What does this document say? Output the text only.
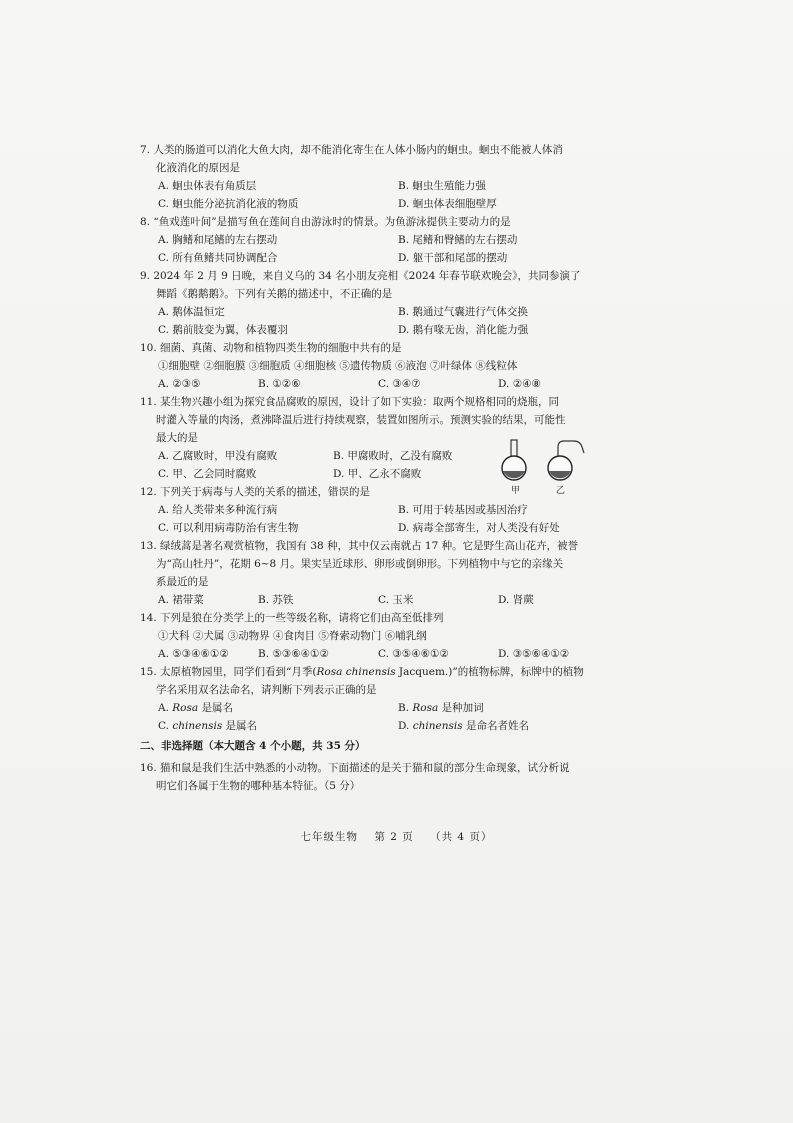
7. 人类的肠道可以消化大鱼大肉，却不能消化寄生在人体小肠内的蛔虫。蛔虫不能被人体消
化液消化的原因是
A. 蛔虫体表有角质层	B. 蛔虫生殖能力强
C. 蛔虫能分泌抗消化液的物质	D. 蛔虫体表细胞壁厚
8. “鱼戏莲叶间”是描写鱼在莲间自由游泳时的情景。为鱼游泳提供主要动力的是
A. 胸鳍和尾鳍的左右摆动	B. 尾鳍和臀鳍的左右摆动
C. 所有鱼鳍共同协调配合	D. 躯干部和尾部的摆动
9. 2024 年 2 月 9 日晚，来自义乌的 34 名小朋友亮相《2024 年春节联欢晚会》，共同参演了
舞蹈《鹅鹅鹅》。下列有关鹅的描述中，不正确的是
A. 鹅体温恒定	B. 鹅通过气囊进行气体交换
C. 鹅前肢变为翼，体表覆羽	D. 鹅有喙无齿，消化能力强
10. 细菌、真菌、动物和植物四类生物的细胞中共有的是
①细胞壁 ②细胞膜 ③细胞质 ④细胞核 ⑤遗传物质 ⑥液泡 ⑦叶绿体 ⑧线粒体
A. ②③⑤	B. ①②⑥	C. ③④⑦	D. ②④⑧
11. 某生物兴趣小组为探究食品腐败的原因，设计了如下实验：取两个规格相同的烧瓶，同
时灌入等量的肉汤，煮沸降温后进行持续观察，装置如图所示。预测实验的结果，可能性
最大的是
A. 乙腐败时，甲没有腐败	B. 甲腐败时，乙没有腐败
C. 甲、乙会同时腐败	D. 甲、乙永不腐败
甲	乙
12. 下列关于病毒与人类的关系的描述，错误的是
A. 给人类带来多种流行病	B. 可用于转基因或基因治疗
C. 可以利用病毒防治有害生物	D. 病毒全部寄生，对人类没有好处
13. 绿绒蒿是著名观赏植物，我国有 38 种，其中仅云南就占 17 种。它是野生高山花卉，被誉
为“高山牡丹”，花期 6~8 月。果实呈近球形、卵形或倒卵形。下列植物中与它的亲缘关
系最近的是
A. 裙带菜	B. 苏铁	C. 玉米	D. 肾蕨
14. 下列是狼在分类学上的一些等级名称，请将它们由高至低排列
①犬科 ②犬属 ③动物界 ④食肉目 ⑤脊索动物门 ⑥哺乳纲
A. ⑤③④⑥①②	B. ⑤③⑥④①②	C. ③⑤④⑥①②	D. ③⑤⑥④①②
15. 太原植物园里，同学们看到“月季(Rosa chinensis Jacquem.)”的植物标牌，标牌中的植物
学名采用双名法命名，请判断下列表示正确的是
A. Rosa 是属名	B. Rosa 是种加词
C. chinensis 是属名	D. chinensis 是命名者姓名
二、非选择题（本大题含 4 个小题，共 35 分）
16. 猫和鼠是我们生活中熟悉的小动物。下面描述的是关于猫和鼠的部分生命现象，试分析说
明它们各属于生物的哪种基本特征。（5 分）
七年级生物 第 2 页 （共 4 页）
